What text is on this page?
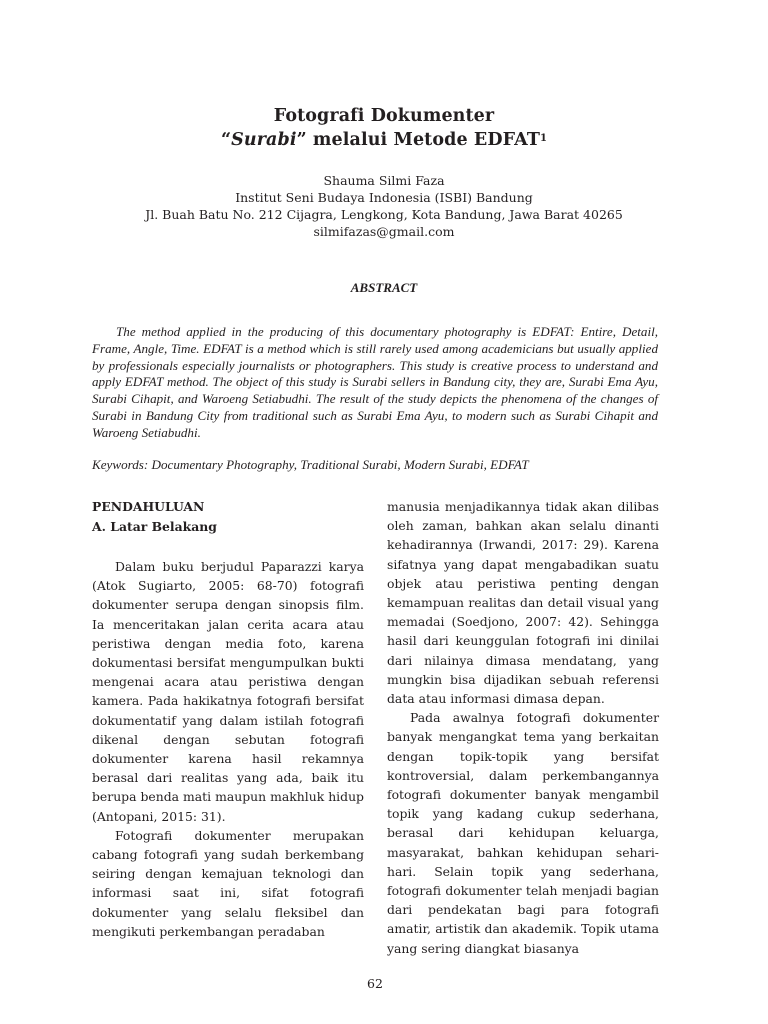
Fotografi Dokumenter
“Surabi” melalui Metode EDFAT$^1$
Shauma Silmi Faza
Institut Seni Budaya Indonesia (ISBI) Bandung
Jl. Buah Batu No. 212 Cijagra, Lengkong, Kota Bandung, Jawa Barat 40265
silmifazas@gmail.com
ABSTRACT

The method applied in the producing of this documentary photography is EDFAT: Entire, Detail, Frame, Angle, Time. EDFAT is a method which is still rarely used among academicians but usually applied by professionals especially journalists or photographers. This study is creative process to understand and apply EDFAT method. The object of this study is Surabi sellers in Bandung city, they are, Surabi Ema Ayu, Surabi Cihapit, and Waroeng Setiabudhi. The result of the study depicts the phenomena of the changes of Surabi in Bandung City from traditional such as Surabi Ema Ayu, to modern such as Surabi Cihapit and Waroeng Setiabudhi.

Keywords: Documentary Photography, Traditional Surabi, Modern Surabi, EDFAT

PENDAHULUAN
A. Latar Belakang

Dalam buku berjudul Paparazzi karya (Atok Sugiarto, 2005: 68-70) fotografi dokumenter serupa dengan sinopsis film. Ia menceritakan jalan cerita acara atau peristiwa dengan media foto, karena dokumentasi bersifat mengumpulkan bukti mengenai acara atau peristiwa dengan kamera. Pada hakikatnya fotografi bersifat dokumentatif yang dalam istilah fotografi dikenal dengan sebutan fotografi dokumenter karena hasil rekamnya berasal dari realitas yang ada, baik itu berupa benda mati maupun makhluk hidup (Antopani, 2015: 31).

Fotografi dokumenter merupakan cabang fotografi yang sudah berkembang seiring dengan kemajuan teknologi dan informasi saat ini, sifat fotografi dokumenter yang selalu fleksibel dan mengikuti perkembangan peradaban

manusia menjadikannya tidak akan dilibas oleh zaman, bahkan akan selalu dinanti kehadirannya (Irwandi, 2017: 29). Karena sifatnya yang dapat mengabadikan suatu objek atau peristiwa penting dengan kemampuan realitas dan detail visual yang memadai (Soedjono, 2007: 42). Sehingga hasil dari keunggulan fotografi ini dinilai dari nilainya dimasa mendatang, yang mungkin bisa dijadikan sebuah referensi data atau informasi dimasa depan.

Pada awalnya fotografi dokumenter banyak mengangkat tema yang berkaitan dengan topik-topik yang bersifat kontroversial, dalam perkembangannya fotografi dokumenter banyak mengambil topik yang kadang cukup sederhana, berasal dari kehidupan keluarga, masyarakat, bahkan kehidupan sehari-hari. Selain topik yang sederhana, fotografi dokumenter telah menjadi bagian dari pendekatan bagi para fotografi amatir, artistik dan akademik. Topik utama yang sering diangkat biasanya

62
